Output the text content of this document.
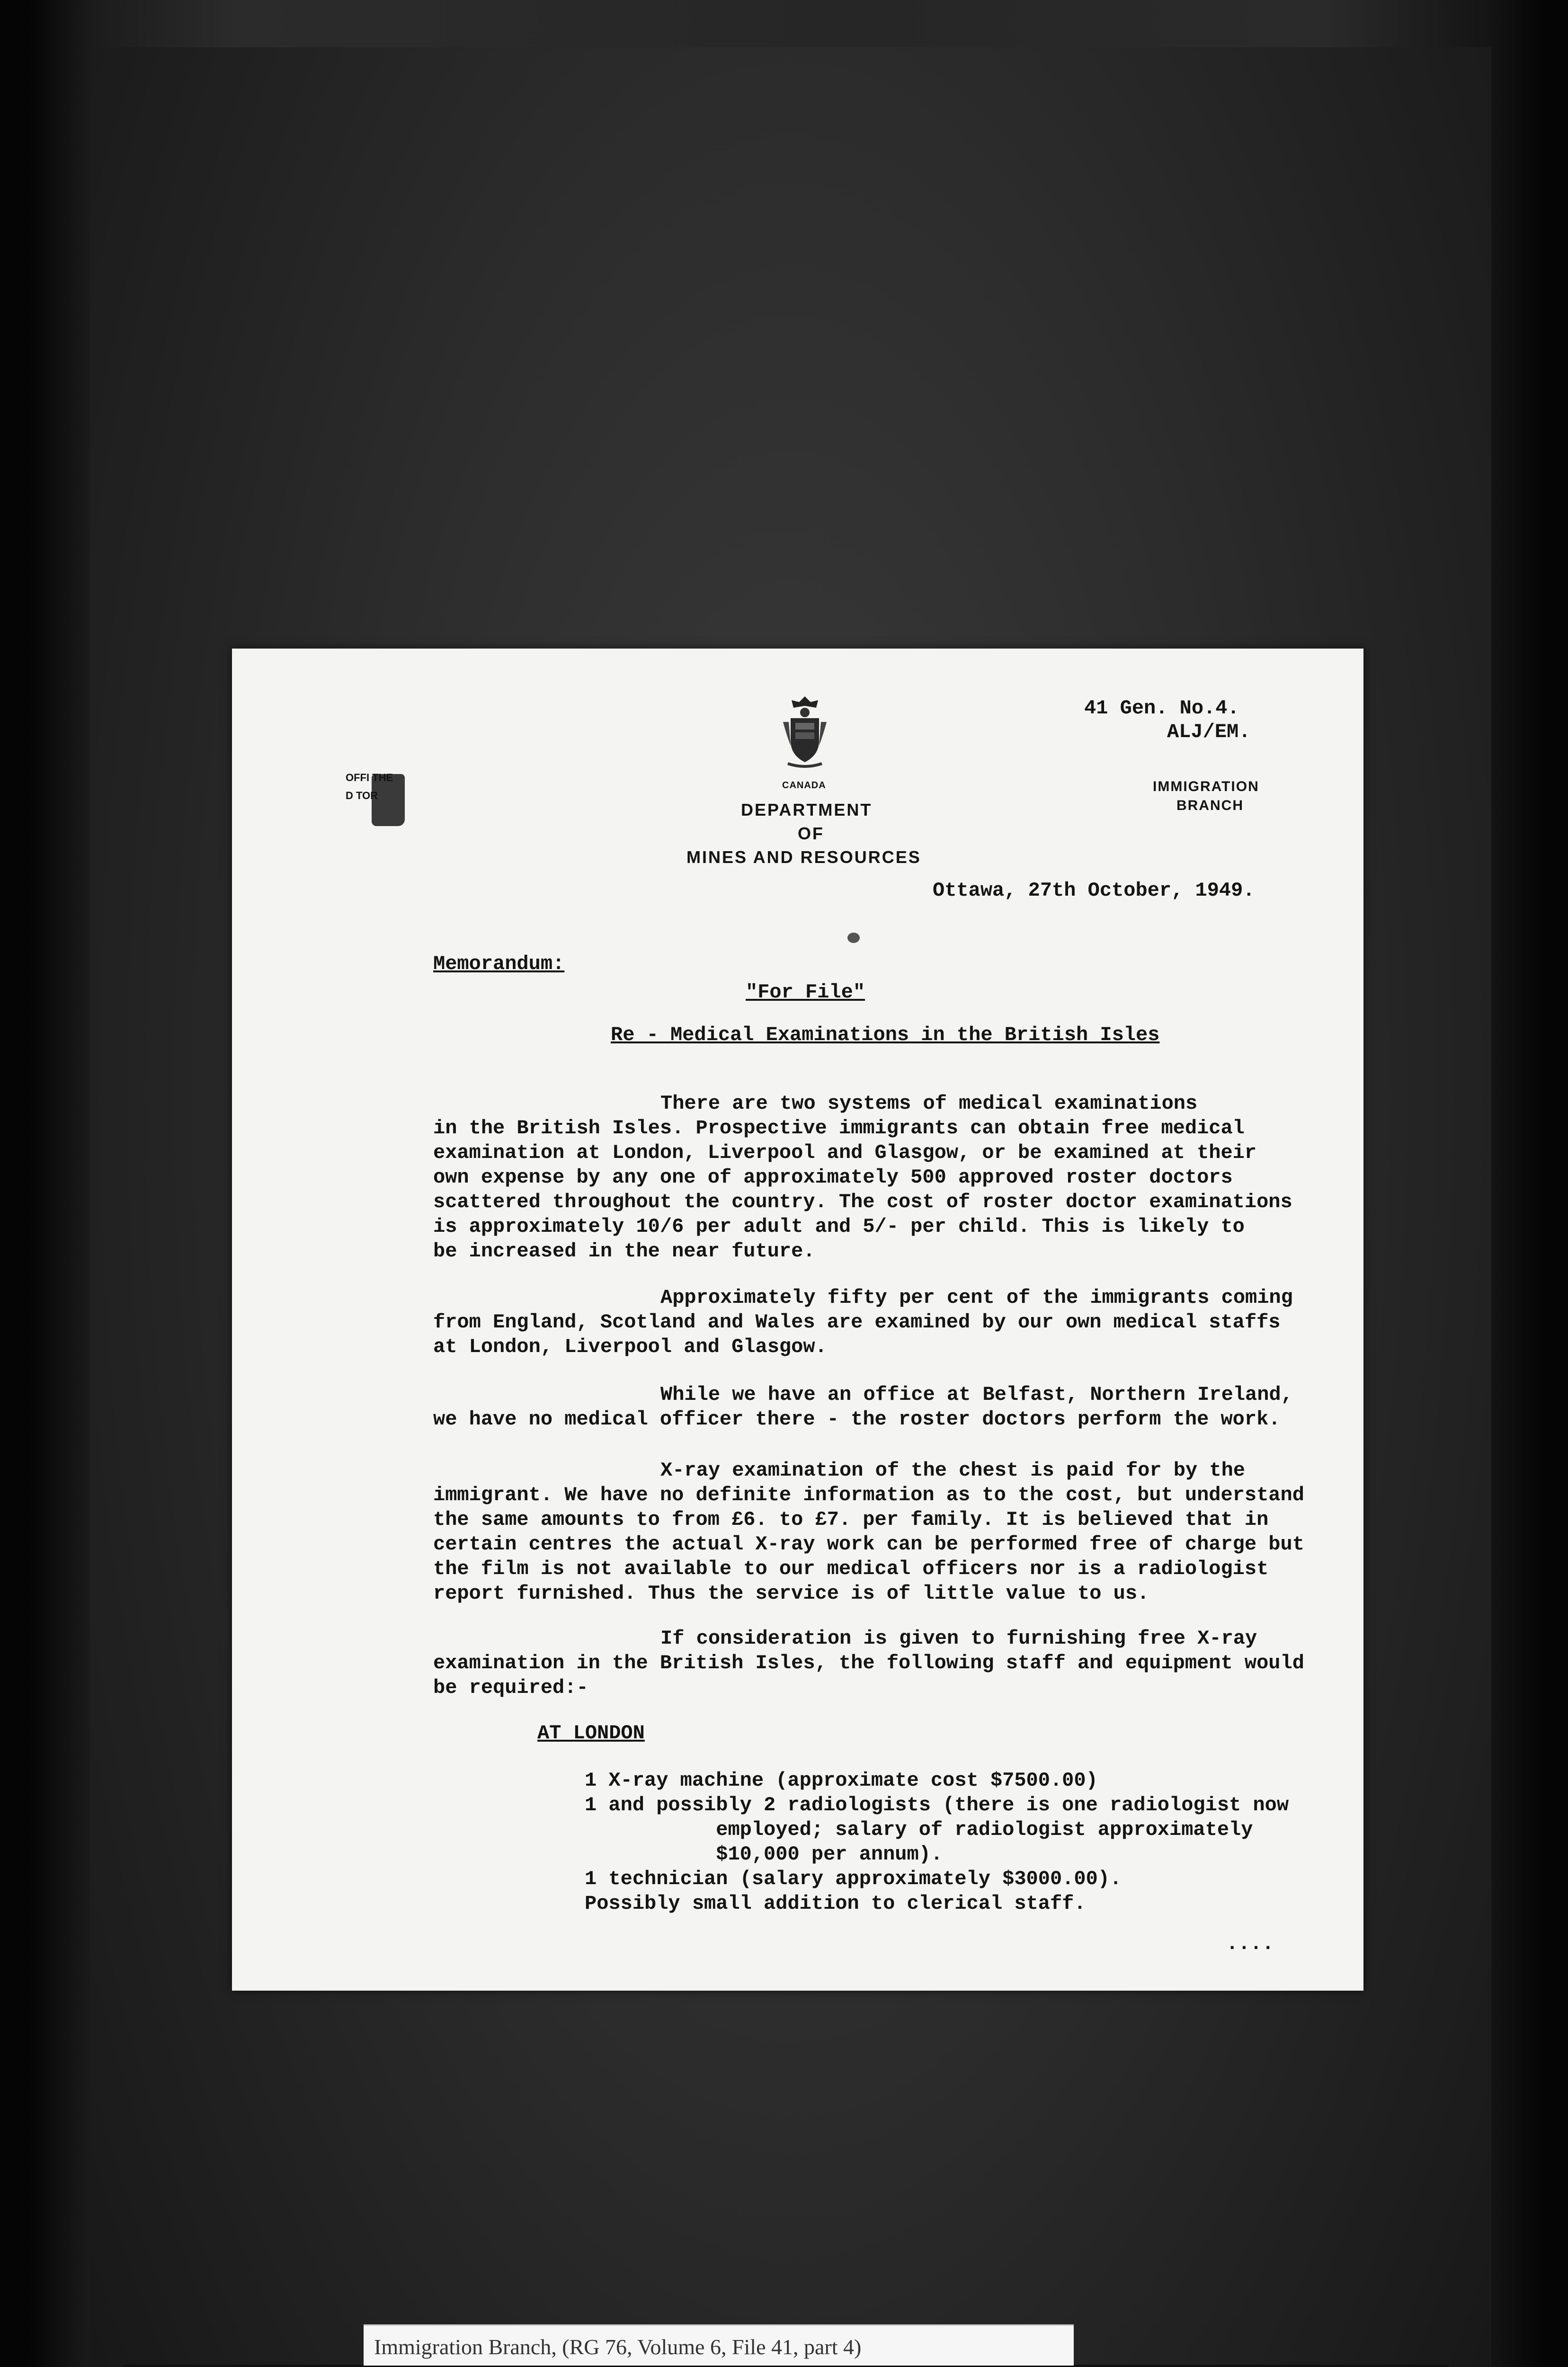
CANADA
DEPARTMENT
OF
MINES AND RESOURCES
41 Gen. No.4.
ALJ/EM.
IMMIGRATION
BRANCH
OFFI THE
D TOR
Ottawa, 27th October, 1949.
Memorandum:
"For File"
Re - Medical Examinations in the British Isles

There are two systems of medical examinations

in the British Isles. Prospective immigrants can obtain free medical

examination at London, Liverpool and Glasgow, or be examined at their

own expense by any one of approximately 500 approved roster doctors

scattered throughout the country. The cost of roster doctor examinations

is approximately 10/6 per adult and 5/- per child. This is likely to

be increased in the near future.

Approximately fifty per cent of the immigrants coming

from England, Scotland and Wales are examined by our own medical staffs

at London, Liverpool and Glasgow.

While we have an office at Belfast, Northern Ireland,

we have no medical officer there - the roster doctors perform the work.

X-ray examination of the chest is paid for by the

immigrant. We have no definite information as to the cost, but understand

the same amounts to from £6. to £7. per family. It is believed that in

certain centres the actual X-ray work can be performed free of charge but

the film is not available to our medical officers nor is a radiologist

report furnished. Thus the service is of little value to us.

If consideration is given to furnishing free X-ray

examination in the British Isles, the following staff and equipment would

be required:-

AT LONDON

1 X-ray machine (approximate cost $7500.00)

1 and possibly 2 radiologists (there is one radiologist now

employed; salary of radiologist approximately

$10,000 per annum).

1 technician (salary approximately $3000.00).

Possibly small addition to clerical staff.

....
Immigration Branch, (RG 76, Volume 6, File 41, part 4)
